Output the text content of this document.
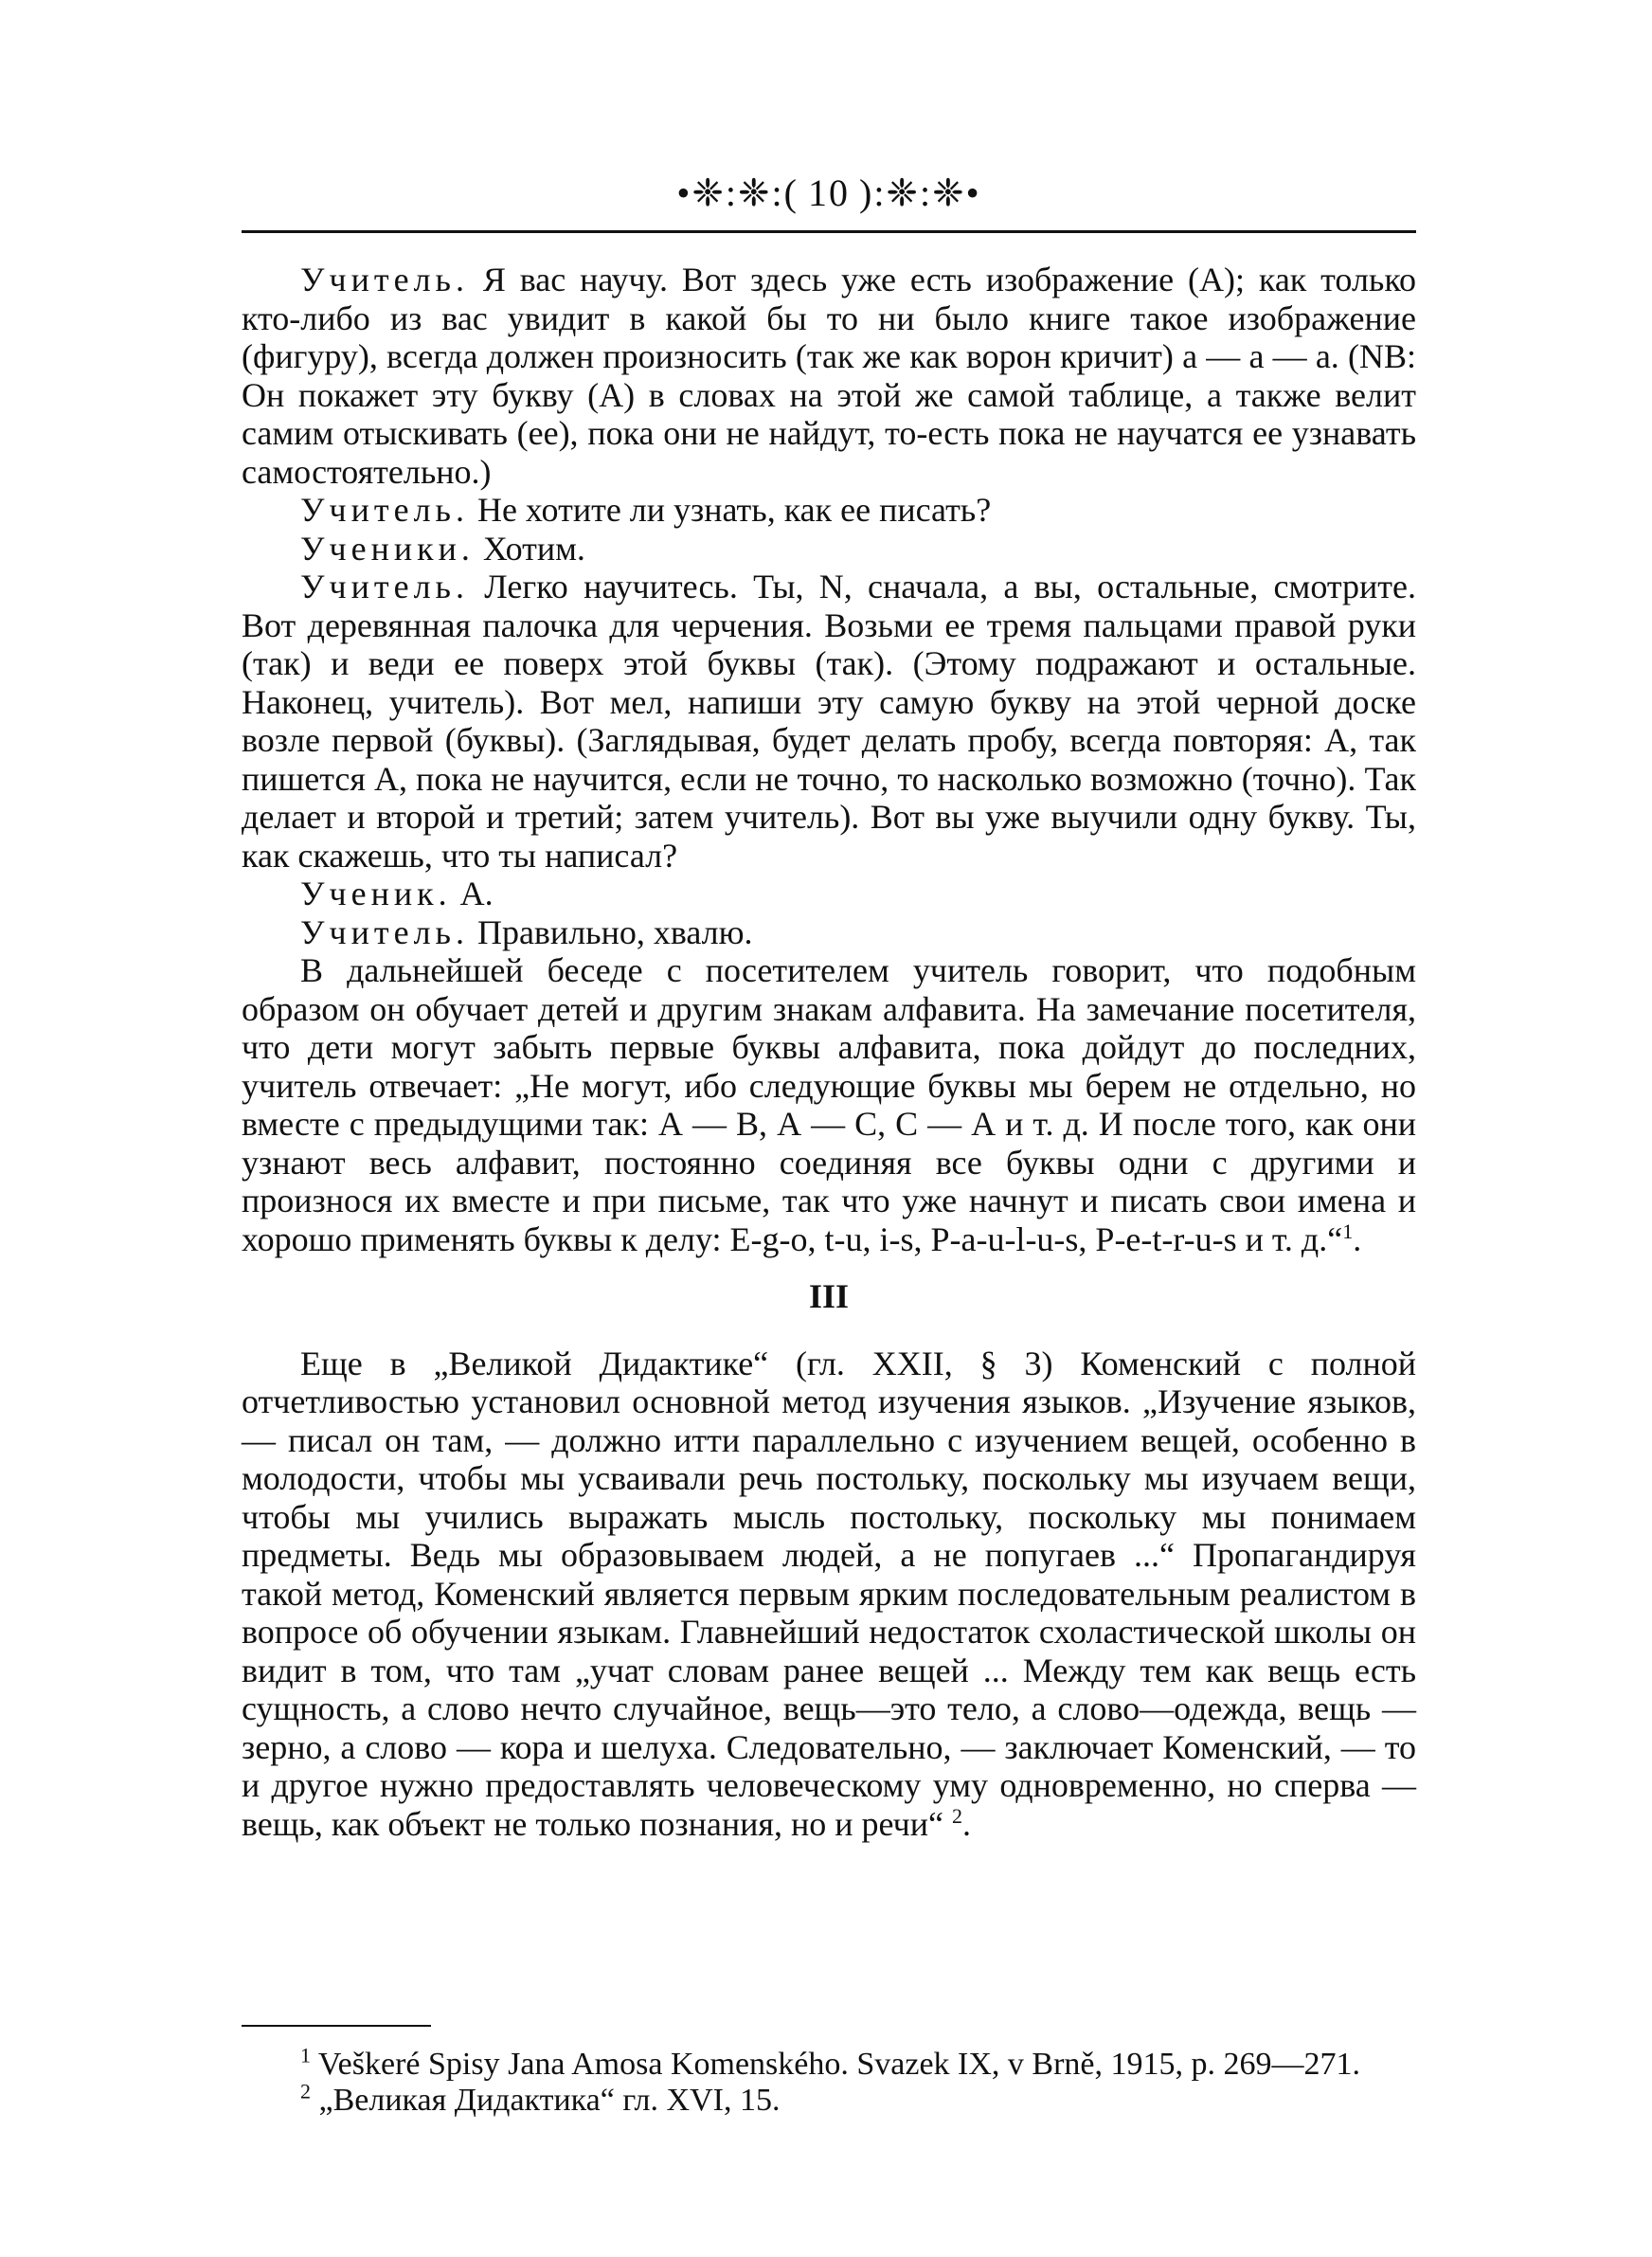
•❈:❈:( 10 ):❈:❈•

Учитель. Я вас научу. Вот здесь уже есть изображение (А); как только кто-либо из вас увидит в какой бы то ни было книге такое изображение (фигуру), всегда должен произносить (так же как ворон кричит) а — а — а. (NB: Он покажет эту букву (А) в словах на этой же самой таблице, а также велит самим отыскивать (ее), пока они не найдут, то-есть пока не научатся ее узнавать самостоятельно.)

Учитель. Не хотите ли узнать, как ее писать?

Ученики. Хотим.

Учитель. Легко научитесь. Ты, N, сначала, а вы, остальные, смотрите. Вот деревянная палочка для черчения. Возьми ее тремя пальцами правой руки (так) и веди ее поверх этой буквы (так). (Этому подражают и остальные. Наконец, учитель). Вот мел, напиши эту самую букву на этой черной доске возле первой (буквы). (Заглядывая, будет делать пробу, всегда повторяя: А, так пишется А, пока не научится, если не точно, то насколько возможно (точно). Так делает и второй и третий; затем учитель). Вот вы уже выучили одну букву. Ты, как скажешь, что ты написал?

Ученик. А.

Учитель. Правильно, хвалю.

В дальнейшей беседе с посетителем учитель говорит, что подобным образом он обучает детей и другим знакам алфавита. На замечание посетителя, что дети могут забыть первые буквы алфавита, пока дойдут до последних, учитель отвечает: „Не могут, ибо следующие буквы мы берем не отдельно, но вместе с предыдущими так: А — В, А — С, С — А и т. д. И после того, как они узнают весь алфавит, постоянно соединяя все буквы одни с другими и произнося их вместе и при письме, так что уже начнут и писать свои имена и хорошо применять буквы к делу: E-g-o, t-u, i-s, P-a-u-l-u-s, P-e-t-r-u-s и т. д.“$^1$.

III

Еще в „Великой Дидактике“ (гл. XXII, § 3) Коменский с полной отчетливостью установил основной метод изучения языков. „Изучение языков, — писал он там, — должно итти параллельно с изучением вещей, особенно в молодости, чтобы мы усваивали речь постольку, поскольку мы изучаем вещи, чтобы мы учились выражать мысль постольку, поскольку мы понимаем предметы. Ведь мы образовываем людей, а не попугаев ...“ Пропагандируя такой метод, Коменский является первым ярким последовательным реалистом в вопросе об обучении языкам. Главнейший недостаток схоластической школы он видит в том, что там „учат словам ранее вещей ... Между тем как вещь есть сущность, а слово нечто случайное, вещь—это тело, а слово—одежда, вещь — зерно, а слово — кора и шелуха. Следовательно, — заключает Коменский, — то и другое нужно предоставлять человеческому уму одновременно, но сперва — вещь, как объект не только познания, но и речи“ $^2$.

$^1$ Veškeré Spisy Jana Amosa Komenského. Svazek IX, v Brně, 1915, p. 269—271.

$^2$ „Великая Дидактика“ гл. XVI, 15.
